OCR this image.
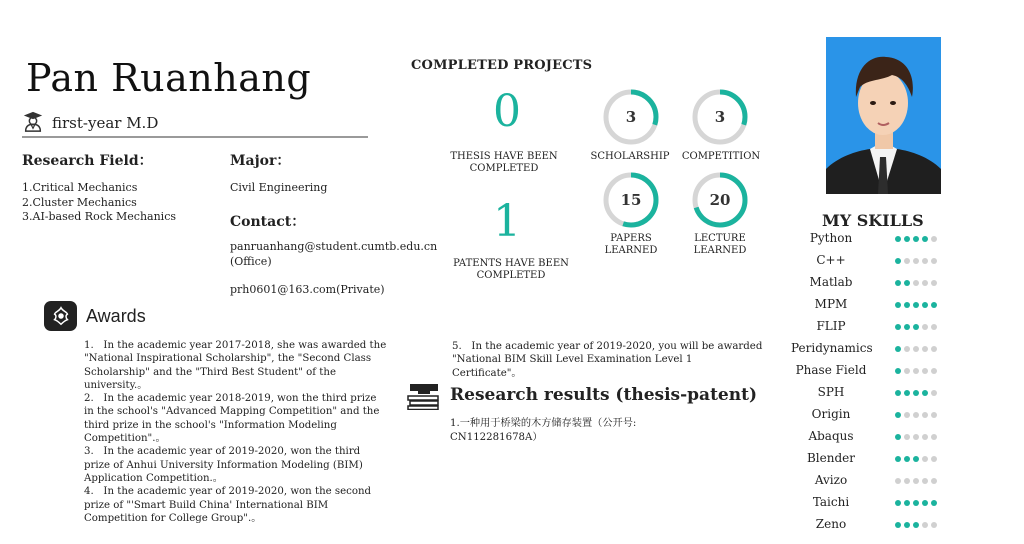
Pan Ruanhang
first-year M.D
Research Field：
1.Critical Mechanics
2.Cluster Mechanics
3.AI-based Rock Mechanics
Major：
Civil Engineering
Contact：
panruanhang@student.cumtb.edu.cn (Office)
prh0601@163.com(Private)
Awards

1.   In the academic year 2017-2018, she was awarded the "National Inspirational Scholarship", the "Second Class Scholarship" and the "Third Best Student" of the university.。

2.   In the academic year 2018-2019, won the third prize in the school's "Advanced Mapping Competition" and the third prize in the school's "Information Modeling Competition".。

3.   In the academic year of 2019-2020, won the third prize of Anhui University Information Modeling (BIM) Application Competition.。

4.   In the academic year of 2019-2020, won the second prize of "'Smart Build China' International BIM Competition for College Group".。

5.   In the academic year of 2019-2020, you will be awarded "National BIM Skill Level Examination Level 1 Certificate"。
Research results (thesis-patent)
1.一种用于桥梁的木方储存装置（公开号: CN112281678A）
COMPLETED PROJECTS
0
THESIS HAVE BEEN COMPLETED
1
PATENTS HAVE BEEN COMPLETED
3
SCHOLARSHIP
3
COMPETITION
15
PAPERS LEARNED
20
LECTURE LEARNED
MY SKILLS
Python
C++
Matlab
MPM
FLIP
Peridynamics
Phase Field
SPH
Origin
Abaqus
Blender
Avizo
Taichi
Zeno
